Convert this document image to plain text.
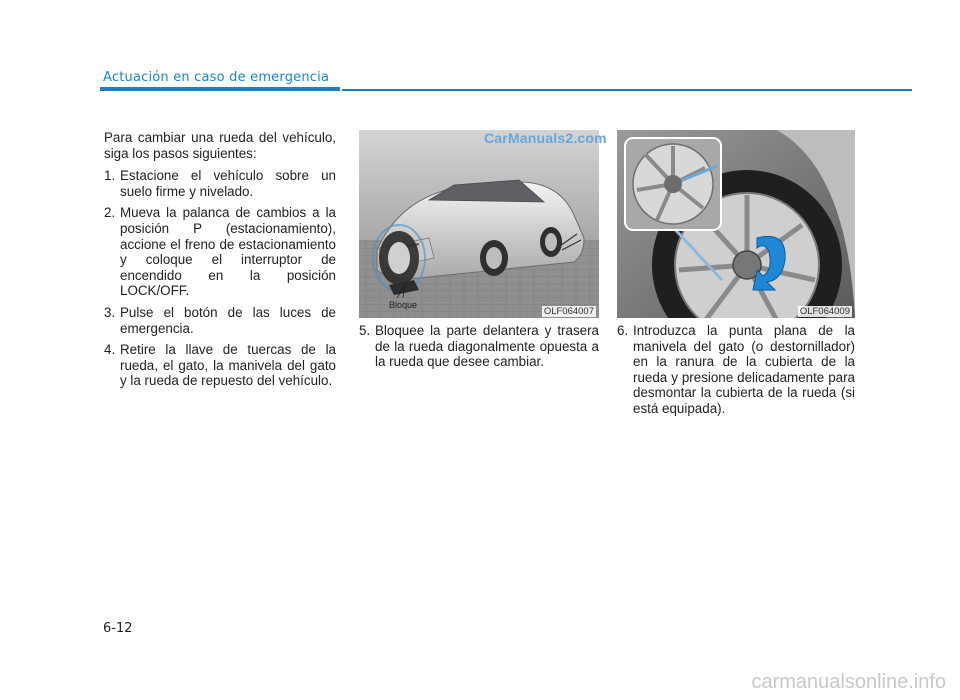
Actuación en caso de emergencia

Para cambiar una rueda del vehículo, siga los pasos siguientes:

1. Estacione el vehículo sobre un suelo firme y nivelado.
2. Mueva la palanca de cambios a la posición P (estacionamiento), accione el freno de estacionamiento y coloque el interruptor de encendido en la posición LOCK/OFF.
3. Pulse el botón de las luces de emergencia.
4. Retire la llave de tuercas de la rueda, el gato, la manivela del gato y la rueda de repuesto del vehículo.
Bloque
OLF064007	OLF064009
5. Bloquee la parte delantera y trasera de la rueda diagonalmente opuesta a la rueda que desee cambiar.
6. Introduzca la punta plana de la manivela del gato (o destornillador) en la ranura de la cubierta de la rueda y presione delicadamente para desmontar la cubierta de la rueda (si está equipada).
CarManuals2.com
6-12
carmanualsonline.info
